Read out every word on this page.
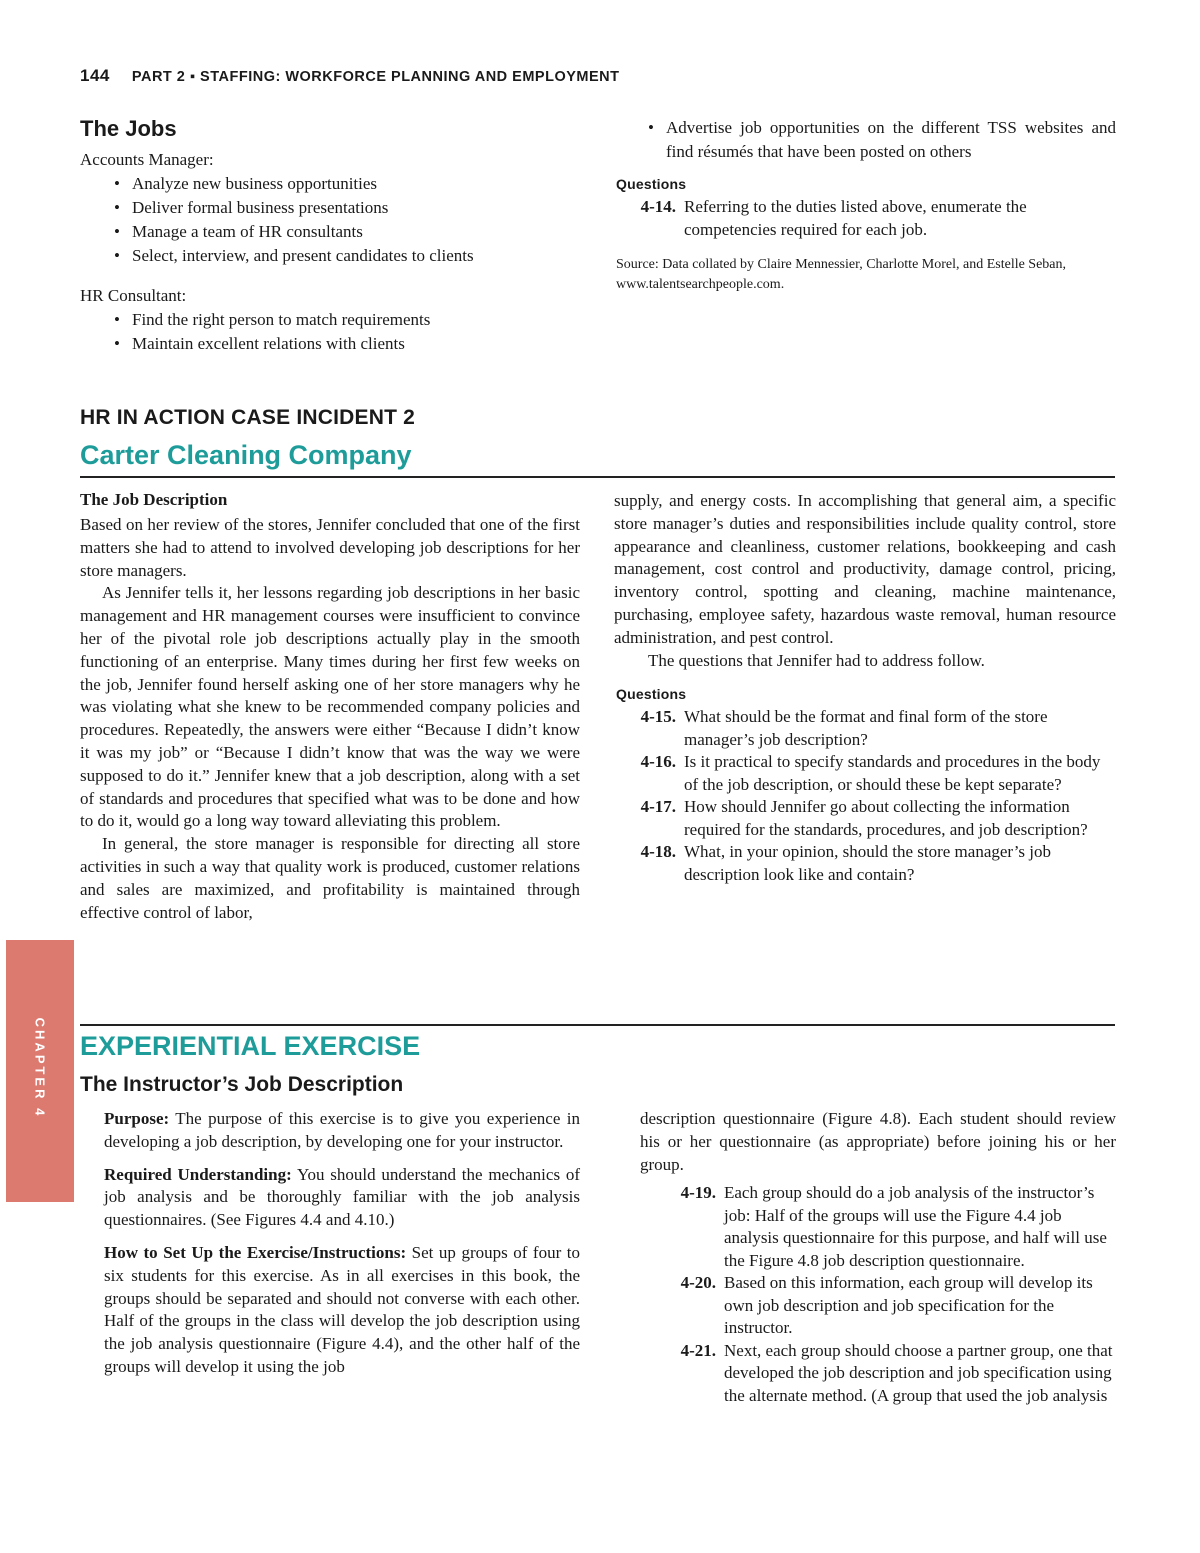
144 PART 2 ▪ STAFFING: WORKFORCE PLANNING AND EMPLOYMENT
The Jobs
Accounts Manager:
• Analyze new business opportunities
• Deliver formal business presentations
• Manage a team of HR consultants
• Select, interview, and present candidates to clients
HR Consultant:
• Find the right person to match requirements
• Maintain excellent relations with clients
• Advertise job opportunities on the different TSS websites and find résumés that have been posted on others
Questions
4-14. Referring to the duties listed above, enumerate the competencies required for each job.
Source: Data collated by Claire Mennessier, Charlotte Morel, and Estelle Seban, www.talentsearchpeople.com.
HR IN ACTION CASE INCIDENT 2
Carter Cleaning Company
The Job Description

Based on her review of the stores, Jennifer concluded that one of the first matters she had to attend to involved developing job descriptions for her store managers.

As Jennifer tells it, her lessons regarding job descriptions in her basic management and HR management courses were insufficient to convince her of the pivotal role job descriptions actually play in the smooth functioning of an enterprise. Many times during her first few weeks on the job, Jennifer found herself asking one of her store managers why he was violating what she knew to be recommended company policies and procedures. Repeatedly, the answers were either “Because I didn’t know it was my job” or “Because I didn’t know that was the way we were supposed to do it.” Jennifer knew that a job description, along with a set of standards and procedures that specified what was to be done and how to do it, would go a long way toward alleviating this problem.

In general, the store manager is responsible for directing all store activities in such a way that quality work is produced, customer relations and sales are maximized, and profitability is maintained through effective control of labor,

supply, and energy costs. In accomplishing that general aim, a specific store manager’s duties and responsibilities include quality control, store appearance and cleanliness, customer relations, bookkeeping and cash management, cost control and productivity, damage control, pricing, inventory control, spotting and cleaning, machine maintenance, purchasing, employee safety, hazardous waste removal, human resource administration, and pest control.

The questions that Jennifer had to address follow.

Questions
4-15. What should be the format and final form of the store manager’s job description?
4-16. Is it practical to specify standards and procedures in the body of the job description, or should these be kept separate?
4-17. How should Jennifer go about collecting the information required for the standards, procedures, and job description?
4-18. What, in your opinion, should the store manager’s job description look like and contain?
CHAPTER 4 EXPERIENTIAL EXERCISE
The Instructor’s Job Description

Purpose: The purpose of this exercise is to give you experience in developing a job description, by developing one for your instructor.

Required Understanding: You should understand the mechanics of job analysis and be thoroughly familiar with the job analysis questionnaires. (See Figures 4.4 and 4.10.)

How to Set Up the Exercise/Instructions: Set up groups of four to six students for this exercise. As in all exercises in this book, the groups should be separated and should not converse with each other. Half of the groups in the class will develop the job description using the job analysis questionnaire (Figure 4.4), and the other half of the groups will develop it using the job

description questionnaire (Figure 4.8). Each student should review his or her questionnaire (as appropriate) before joining his or her group.

4-19. Each group should do a job analysis of the instructor’s job: Half of the groups will use the Figure 4.4 job analysis questionnaire for this purpose, and half will use the Figure 4.8 job description questionnaire.
4-20. Based on this information, each group will develop its own job description and job specification for the instructor.
4-21. Next, each group should choose a partner group, one that developed the job description and job specification using the alternate method. (A group that used the job analysis
